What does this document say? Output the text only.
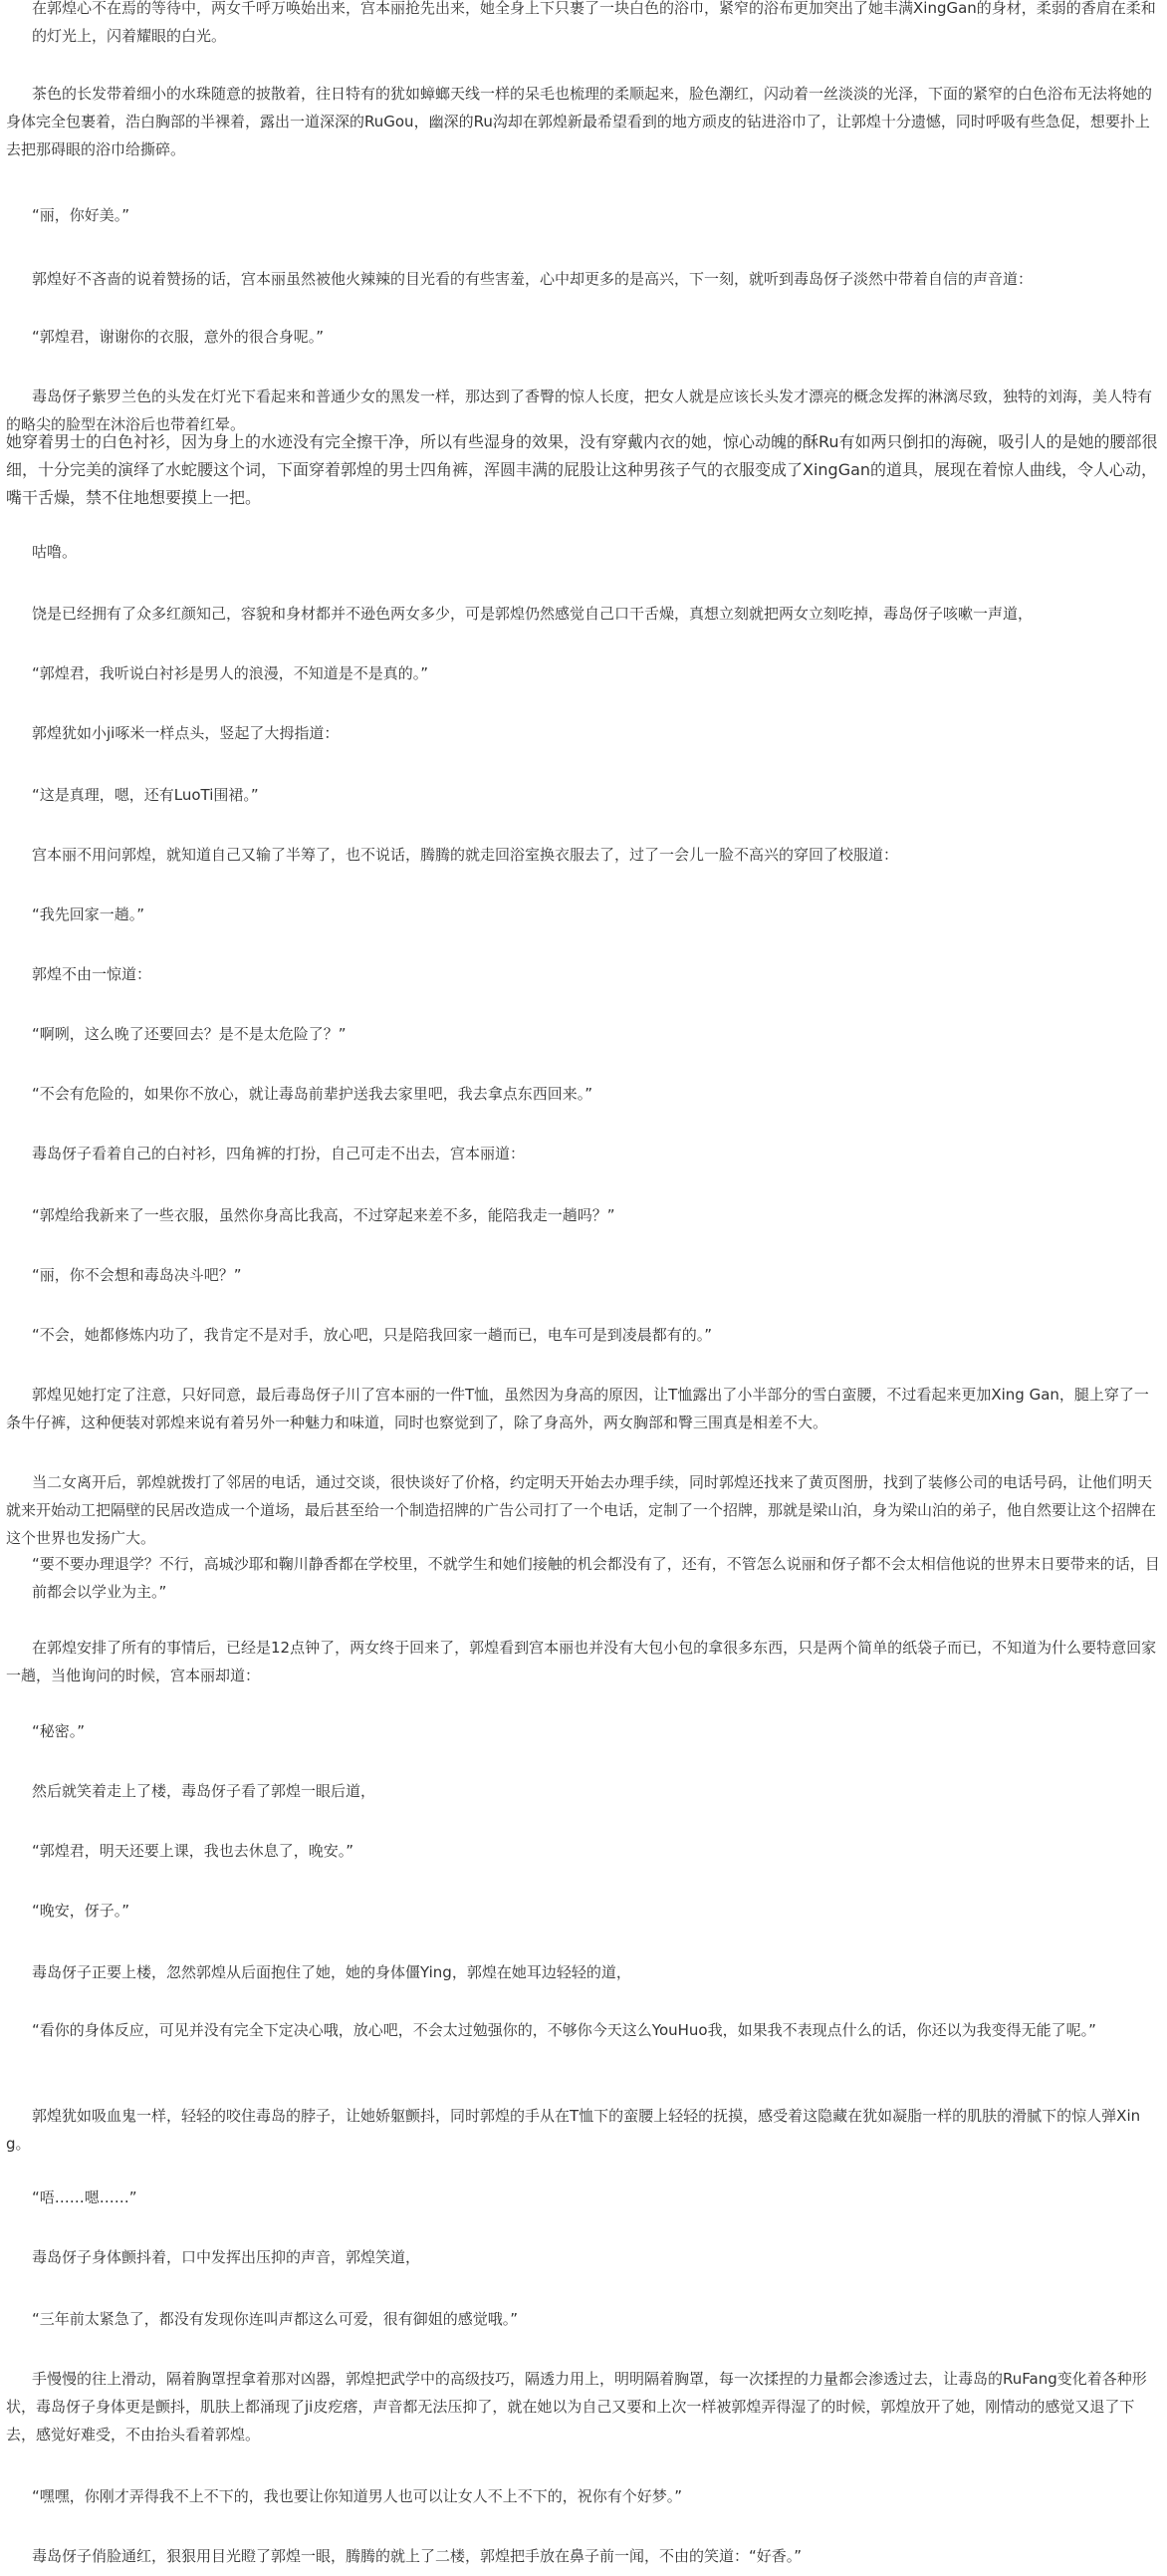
在郭煌心不在焉的等待中，两女千呼万唤始出来，宫本丽抢先出来，她全身上下只裹了一块白色的浴巾，紧窄的浴布更加突出了她丰满XingGan的身材，柔弱的香肩在柔和的灯光上，闪着耀眼的白光。

茶色的长发带着细小的水珠随意的披散着，往日特有的犹如蟑螂天线一样的呆毛也梳理的柔顺起来，脸色潮红，闪动着一丝淡淡的光泽，下面的紧窄的白色浴布无法将她的身体完全包裹着，浩白胸部的半裸着，露出一道深深的RuGou，幽深的Ru沟却在郭煌新最希望看到的地方顽皮的钻进浴巾了，让郭煌十分遗憾，同时呼吸有些急促，想要扑上去把那碍眼的浴巾给撕碎。

“丽，你好美。”

郭煌好不吝啬的说着赞扬的话，宫本丽虽然被他火辣辣的目光看的有些害羞，心中却更多的是高兴，下一刻，就听到毒岛伢子淡然中带着自信的声音道：

“郭煌君，谢谢你的衣服，意外的很合身呢。”

毒岛伢子紫罗兰色的头发在灯光下看起来和普通少女的黑发一样，那达到了香臀的惊人长度，把女人就是应该长头发才漂亮的概念发挥的淋漓尽致，独特的刘海，美人特有的略尖的脸型在沐浴后也带着红晕。

她穿着男士的白色衬衫，因为身上的水迹没有完全擦干净，所以有些湿身的效果，没有穿戴内衣的她，惊心动魄的酥Ru有如两只倒扣的海碗，吸引人的是她的腰部很细，十分完美的演绎了水蛇腰这个词，下面穿着郭煌的男士四角裤，浑圆丰满的屁股让这种男孩子气的衣服变成了XingGan的道具，展现在着惊人曲线，令人心动，嘴干舌燥，禁不住地想要摸上一把。

咕噜。

饶是已经拥有了众多红颜知己，容貌和身材都并不逊色两女多少，可是郭煌仍然感觉自己口干舌燥，真想立刻就把两女立刻吃掉，毒岛伢子咳嗽一声道，

“郭煌君，我听说白衬衫是男人的浪漫，不知道是不是真的。”

郭煌犹如小ji啄米一样点头，竖起了大拇指道：

“这是真理，嗯，还有LuoTi围裙。”

宫本丽不用问郭煌，就知道自己又输了半筹了，也不说话，腾腾的就走回浴室换衣服去了，过了一会儿一脸不高兴的穿回了校服道：

“我先回家一趟。”

郭煌不由一惊道：

“啊咧，这么晚了还要回去？是不是太危险了？”

“不会有危险的，如果你不放心，就让毒岛前辈护送我去家里吧，我去拿点东西回来。”

毒岛伢子看着自己的白衬衫，四角裤的打扮，自己可走不出去，宫本丽道：

“郭煌给我新来了一些衣服，虽然你身高比我高，不过穿起来差不多，能陪我走一趟吗？”

“丽，你不会想和毒岛决斗吧？”

“不会，她都修炼内功了，我肯定不是对手，放心吧，只是陪我回家一趟而已，电车可是到凌晨都有的。”

郭煌见她打定了注意，只好同意，最后毒岛伢子川了宫本丽的一件T恤，虽然因为身高的原因，让T恤露出了小半部分的雪白蛮腰，不过看起来更加Xing Gan，腿上穿了一条牛仔裤，这种便装对郭煌来说有着另外一种魅力和味道，同时也察觉到了，除了身高外，两女胸部和臀三围真是相差不大。

当二女离开后，郭煌就拨打了邻居的电话，通过交谈，很快谈好了价格，约定明天开始去办理手续，同时郭煌还找来了黄页图册，找到了装修公司的电话号码，让他们明天就来开始动工把隔壁的民居改造成一个道场，最后甚至给一个制造招牌的广告公司打了一个电话，定制了一个招牌，那就是梁山泊，身为梁山泊的弟子，他自然要让这个招牌在这个世界也发扬广大。

“要不要办理退学？不行，高城沙耶和鞠川静香都在学校里，不就学生和她们接触的机会都没有了，还有，不管怎么说丽和伢子都不会太相信他说的世界末日要带来的话，目前都会以学业为主。”

在郭煌安排了所有的事情后，已经是12点钟了，两女终于回来了，郭煌看到宫本丽也并没有大包小包的拿很多东西，只是两个简单的纸袋子而已，不知道为什么要特意回家一趟，当他询问的时候，宫本丽却道：

“秘密。”

然后就笑着走上了楼，毒岛伢子看了郭煌一眼后道，

“郭煌君，明天还要上课，我也去休息了，晚安。”

“晚安，伢子。”

毒岛伢子正要上楼，忽然郭煌从后面抱住了她，她的身体僵Ying，郭煌在她耳边轻轻的道，

“看你的身体反应，可见并没有完全下定决心哦，放心吧，不会太过勉强你的，不够你今天这么YouHuo我，如果我不表现点什么的话，你还以为我变得无能了呢。”

郭煌犹如吸血鬼一样，轻轻的咬住毒岛的脖子，让她娇躯颤抖，同时郭煌的手从在T恤下的蛮腰上轻轻的抚摸，感受着这隐藏在犹如凝脂一样的肌肤的滑腻下的惊人弹Xing。

“唔……嗯……”

毒岛伢子身体颤抖着，口中发挥出压抑的声音，郭煌笑道，

“三年前太紧急了，都没有发现你连叫声都这么可爱，很有御姐的感觉哦。”

手慢慢的往上滑动，隔着胸罩捏拿着那对凶器，郭煌把武学中的高级技巧，隔透力用上，明明隔着胸罩，每一次揉捏的力量都会渗透过去，让毒岛的RuFang变化着各种形状，毒岛伢子身体更是颤抖，肌肤上都涌现了ji皮疙瘩，声音都无法压抑了，就在她以为自己又要和上次一样被郭煌弄得湿了的时候，郭煌放开了她，刚情动的感觉又退了下去，感觉好难受，不由抬头看着郭煌。

“嘿嘿，你刚才弄得我不上不下的，我也要让你知道男人也可以让女人不上不下的，祝你有个好梦。”

毒岛伢子俏脸通红，狠狠用目光瞪了郭煌一眼，腾腾的就上了二楼，郭煌把手放在鼻子前一闻，不由的笑道：“好香。”
